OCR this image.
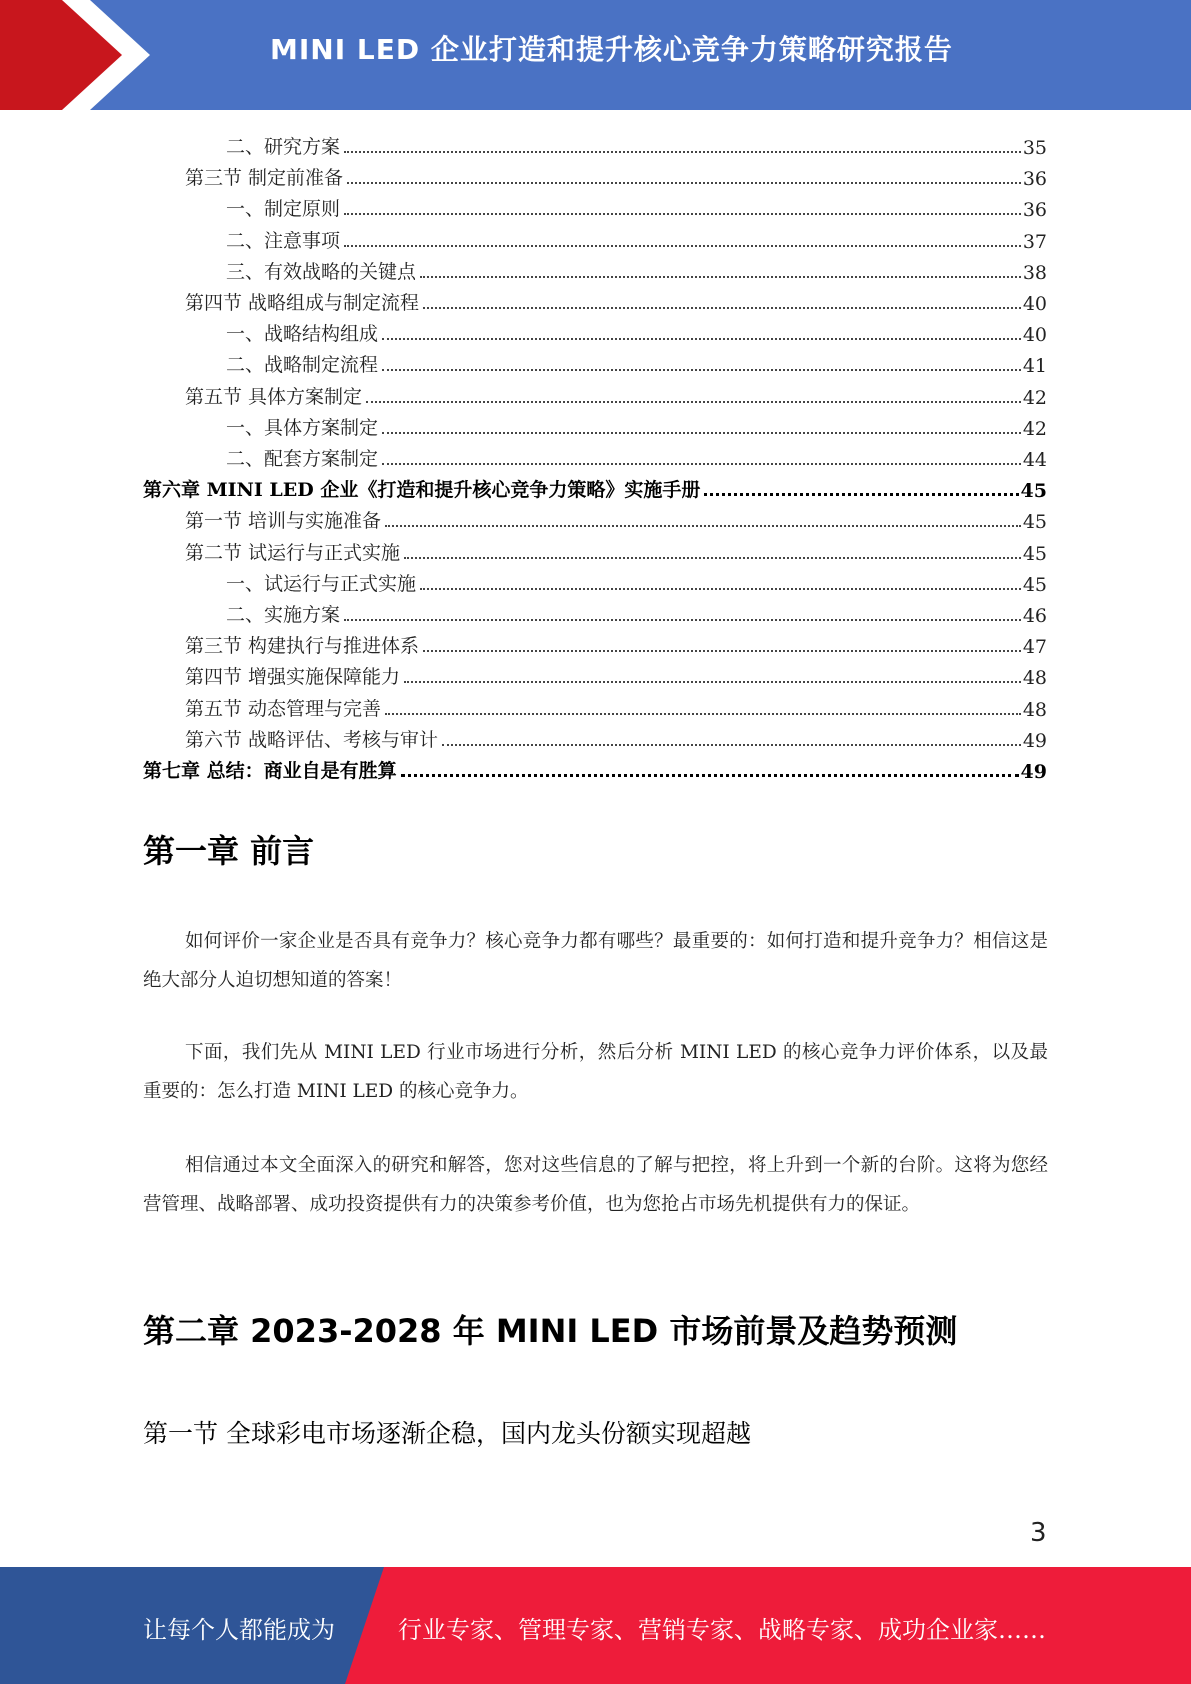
MINI LED 企业打造和提升核心竞争力策略研究报告
二、研究方案	35
第三节 制定前准备	36
一、制定原则	36
二、注意事项	37
三、有效战略的关键点	38
第四节 战略组成与制定流程	40
一、战略结构组成	40
二、战略制定流程	41
第五节 具体方案制定	42
一、具体方案制定	42
二、配套方案制定	44
第六章 MINI LED 企业《打造和提升核心竞争力策略》实施手册	45
第一节 培训与实施准备	45
第二节 试运行与正式实施	45
一、试运行与正式实施	45
二、实施方案	46
第三节 构建执行与推进体系	47
第四节 增强实施保障能力	48
第五节 动态管理与完善	48
第六节 战略评估、考核与审计	49
第七章 总结：商业自是有胜算	49
第一章 前言
如何评价一家企业是否具有竞争力？核心竞争力都有哪些？最重要的：如何打造和提升竞争力？相信这是绝大部分人迫切想知道的答案！
下面，我们先从 MINI LED 行业市场进行分析，然后分析 MINI LED 的核心竞争力评价体系，以及最重要的：怎么打造 MINI LED 的核心竞争力。
相信通过本文全面深入的研究和解答，您对这些信息的了解与把控，将上升到一个新的台阶。这将为您经营管理、战略部署、成功投资提供有力的决策参考价值，也为您抢占市场先机提供有力的保证。
第二章 2023-2028 年 MINI LED 市场前景及趋势预测
第一节 全球彩电市场逐渐企稳，国内龙头份额实现超越
3
让每个人都能成为	行业专家、管理专家、营销专家、战略专家、成功企业家……
